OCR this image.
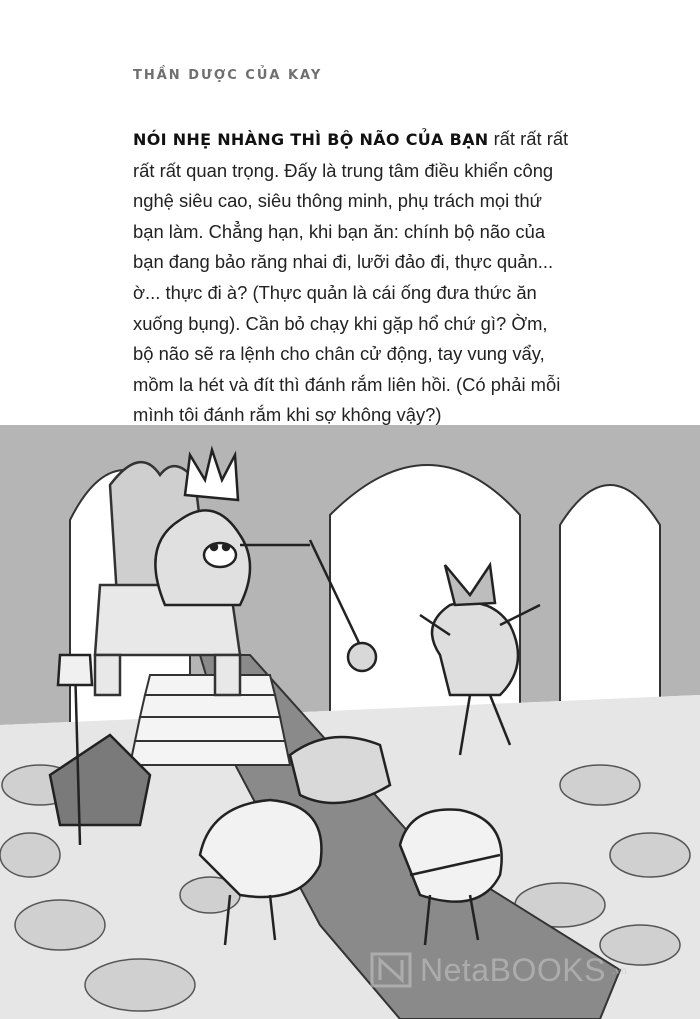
THẦN DƯỢC CỦA KAY
NÓI NHẸ NHÀNG THÌ BỘ NÃO CỦA BẠN rất rất rất rất rất quan trọng. Đấy là trung tâm điều khiển công nghệ siêu cao, siêu thông minh, phụ trách mọi thứ bạn làm. Chẳng hạn, khi bạn ăn: chính bộ não của bạn đang bảo răng nhai đi, lưỡi đảo đi, thực quản... ờ... thực đi à? (Thực quản là cái ống đưa thức ăn xuống bụng). Cần bỏ chạy khi gặp hổ chứ gì? Ờm, bộ não sẽ ra lệnh cho chân cử động, tay vung vẩy, mồm la hét và đít thì đánh rắm liên hồi. (Có phải mỗi mình tôi đánh rắm khi sợ không vậy?)
NetaBOOKS .vn
